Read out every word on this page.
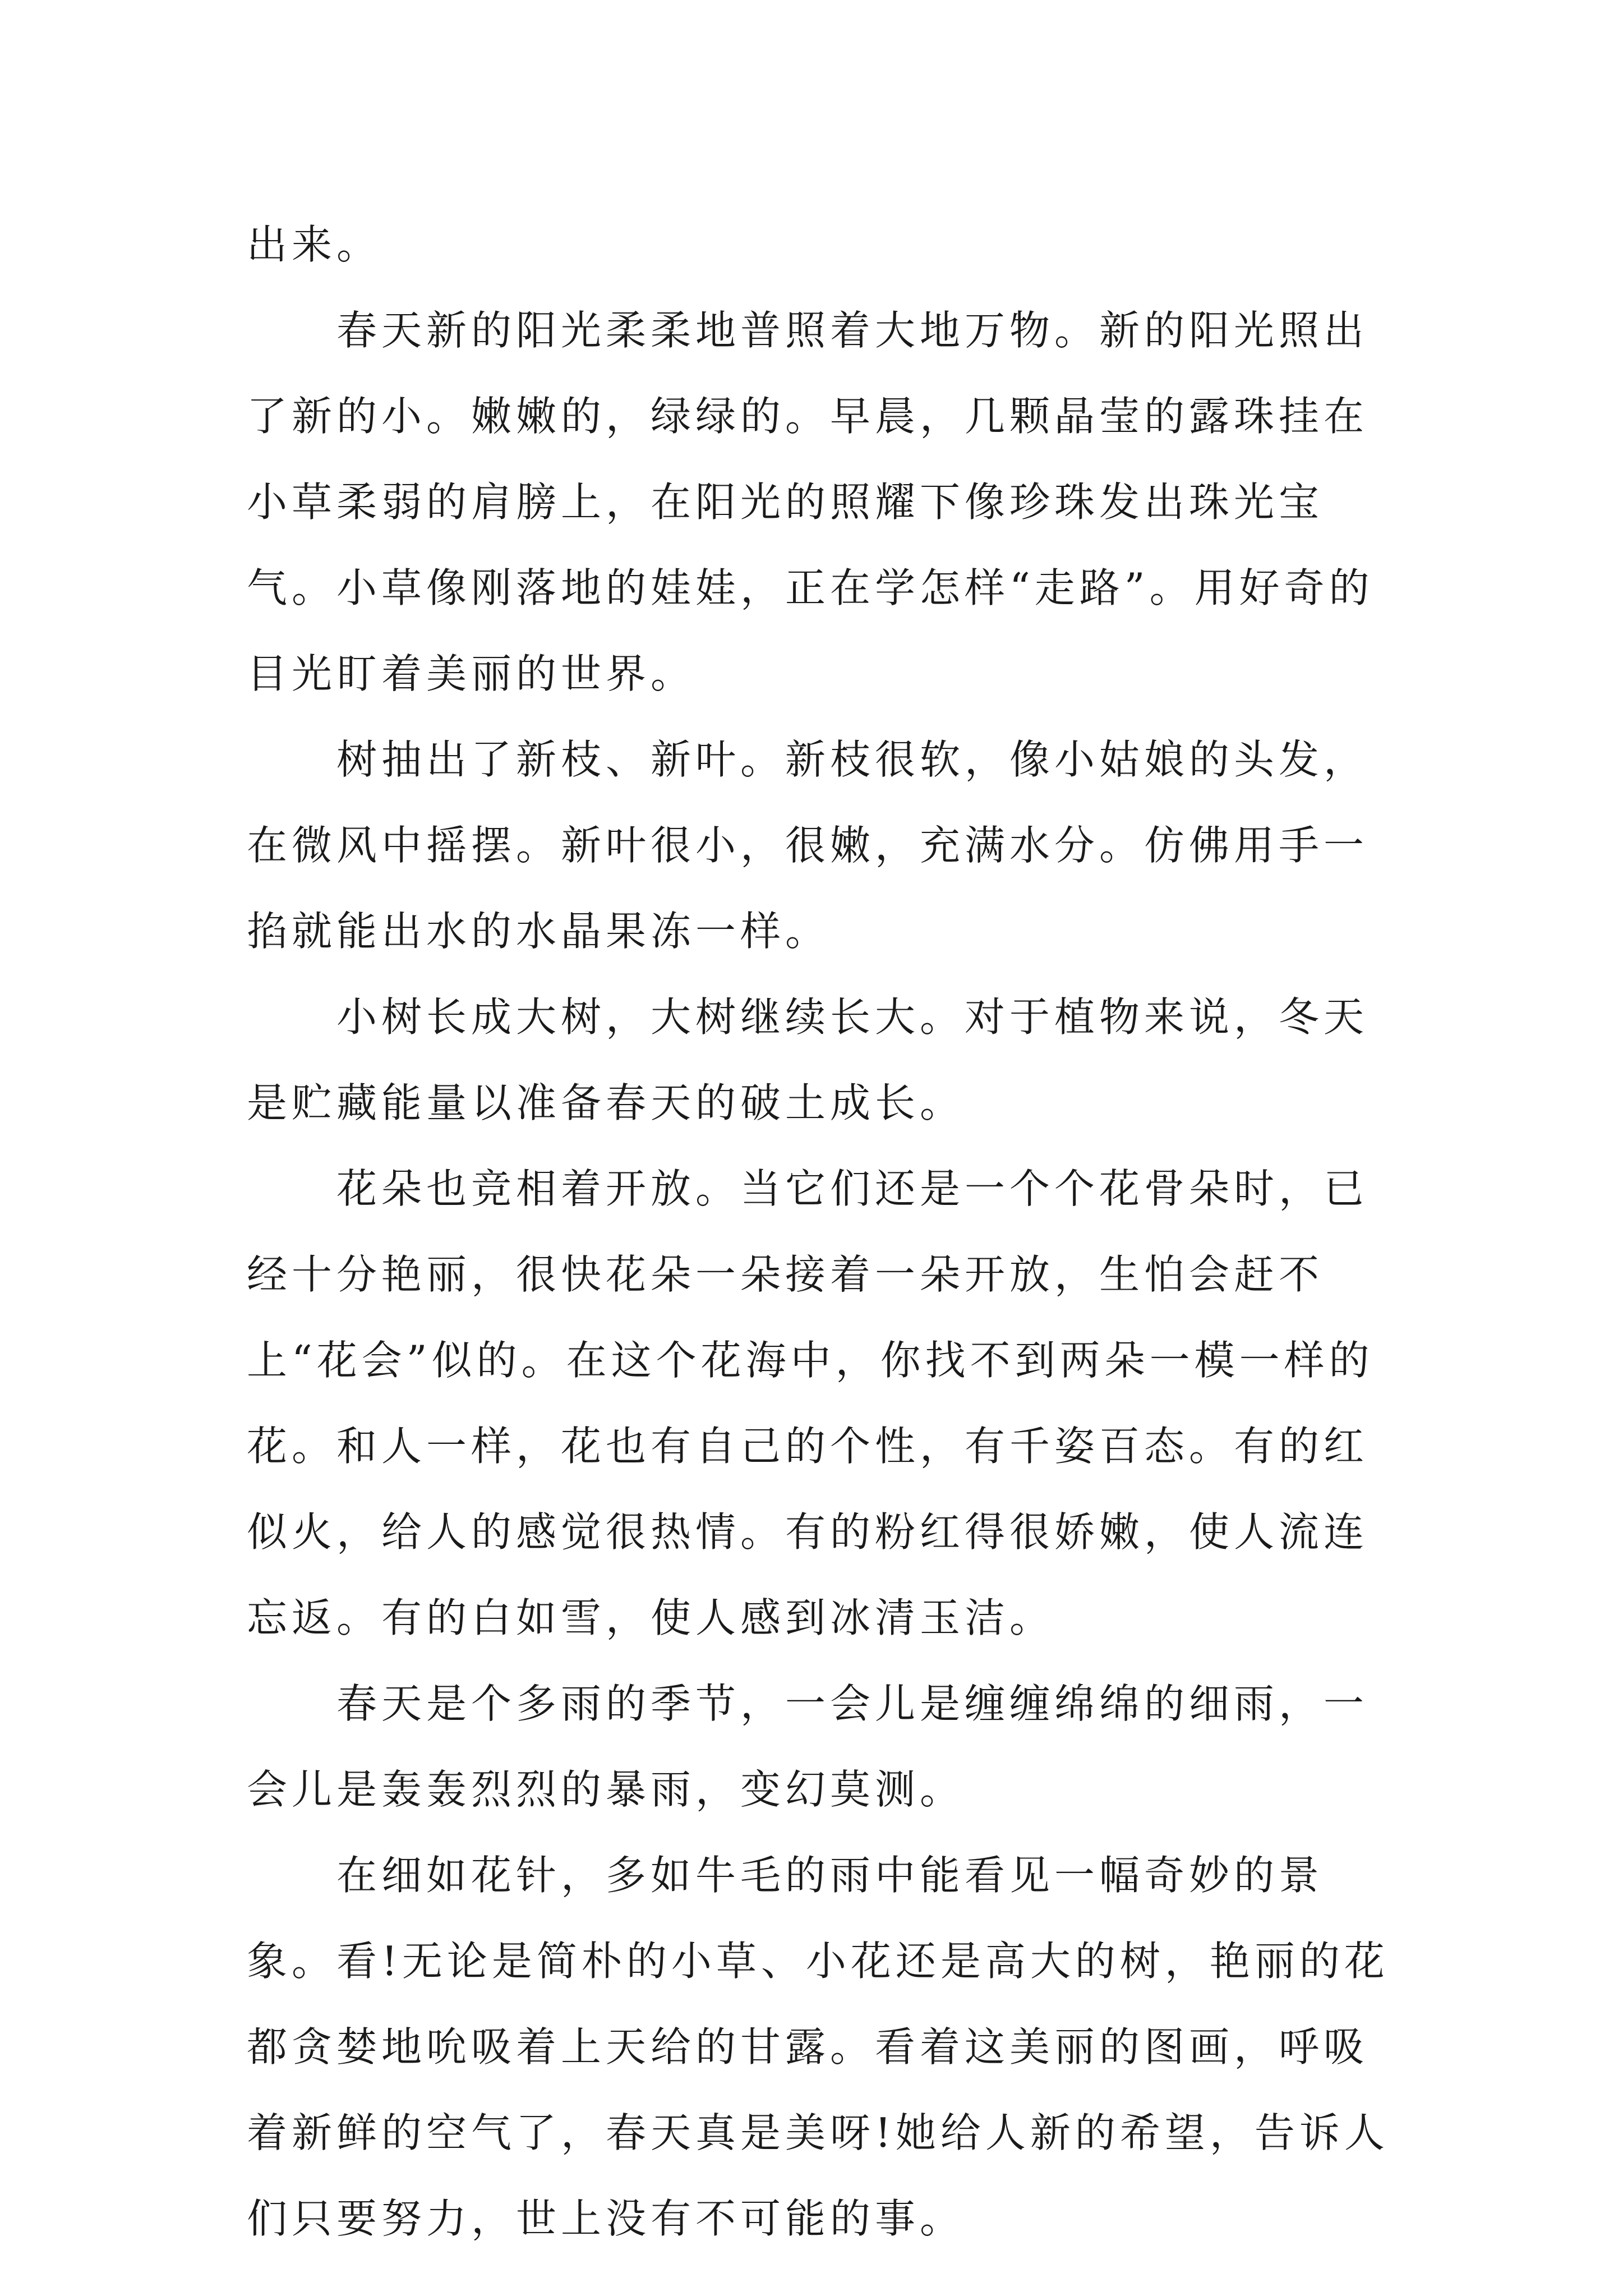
出来。

春天新的阳光柔柔地普照着大地万物。新的阳光照出了新的小。嫩嫩的，绿绿的。早晨，几颗晶莹的露珠挂在小草柔弱的肩膀上，在阳光的照耀下像珍珠发出珠光宝气。小草像刚落地的娃娃，正在学怎样“走路”。用好奇的目光盯着美丽的世界。

树抽出了新枝、新叶。新枝很软，像小姑娘的头发，在微风中摇摆。新叶很小，很嫩，充满水分。仿佛用手一掐就能出水的水晶果冻一样。

小树长成大树，大树继续长大。对于植物来说，冬天是贮藏能量以准备春天的破土成长。

花朵也竞相着开放。当它们还是一个个花骨朵时，已经十分艳丽，很快花朵一朵接着一朵开放，生怕会赶不上“花会”似的。在这个花海中，你找不到两朵一模一样的花。和人一样，花也有自己的个性，有千姿百态。有的红似火，给人的感觉很热情。有的粉红得很娇嫩，使人流连忘返。有的白如雪，使人感到冰清玉洁。

春天是个多雨的季节，一会儿是缠缠绵绵的细雨，一会儿是轰轰烈烈的暴雨，变幻莫测。

在细如花针，多如牛毛的雨中能看见一幅奇妙的景象。看!无论是简朴的小草、小花还是高大的树，艳丽的花都贪婪地吮吸着上天给的甘露。看着这美丽的图画，呼吸着新鲜的空气了，春天真是美呀!她给人新的希望，告诉人们只要努力，世上没有不可能的事。
